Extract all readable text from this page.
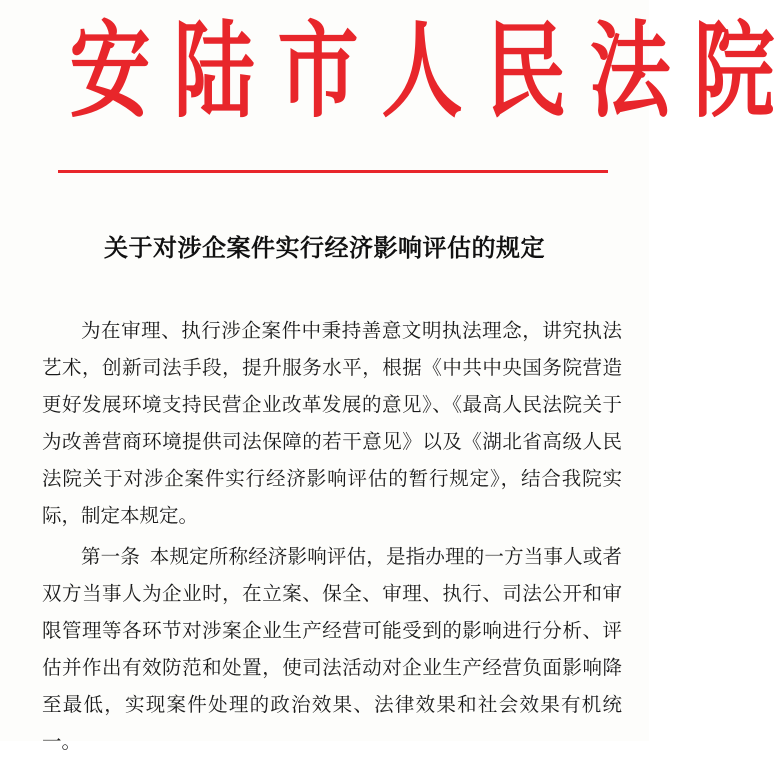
安 陆 市 人 民 法 院
关于对涉企案件实行经济影响评估的规定

为在审理、执行涉企案件中秉持善意文明执法理念，讲究执法艺术，创新司法手段，提升服务水平，根据《中共中央国务院营造更好发展环境支持民营企业改革发展的意见》、《最高人民法院关于为改善营商环境提供司法保障的若干意见》以及《湖北省高级人民法院关于对涉企案件实行经济影响评估的暂行规定》，结合我院实际，制定本规定。

第一条 本规定所称经济影响评估，是指办理的一方当事人或者双方当事人为企业时，在立案、保全、审理、执行、司法公开和审限管理等各环节对涉案企业生产经营可能受到的影响进行分析、评估并作出有效防范和处置，使司法活动对企业生产经营负面影响降至最低，实现案件处理的政治效果、法律效果和社会效果有机统一。
